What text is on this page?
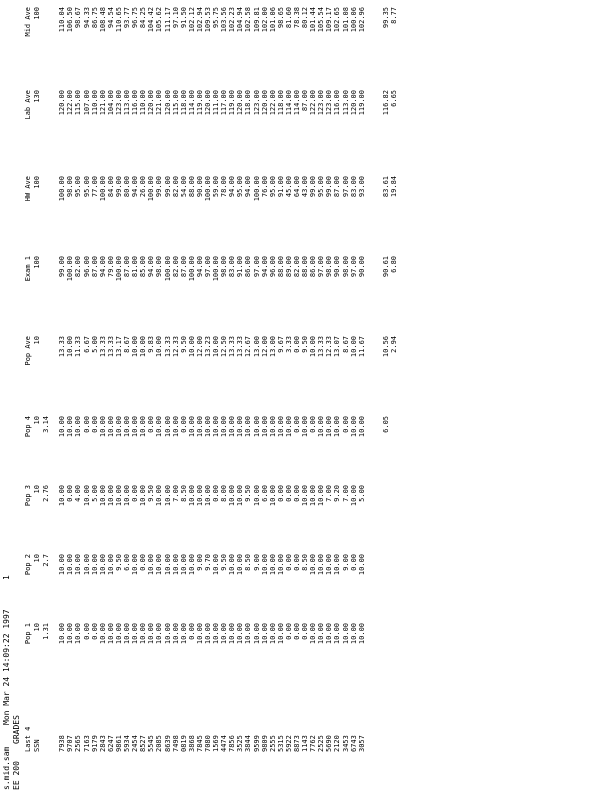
s.mid.sam
Mon Mar 24 14:09:22 1997
1
EE 200
GRADES Last 4	Pop 1	Pop 2	Pop 3	Pop 4	Pop Ave	Exam 1	HW Ave	Lab Ave	Mid Ave
SSN	10	10	10	10	10	100	100	130	100
	1.31	2.7	2.76	3.14					

7938	10.00	10.00	10.00	10.00	13.33	99.00	100.00	120.00	110.04
9707	10.00	10.00	0.00	10.00	10.00	100.00	98.00	122.00	106.50
2565	10.00	10.00	4.00	10.00	11.33	82.00	95.00	115.00	98.67
7163	0.00	10.00	10.00	0.00	6.67	96.00	95.00	107.00	94.33
9179	0.00	10.00	5.00	0.00	5.00	87.00	77.00	110.00	86.75
2843	10.00	10.00	10.00	10.00	13.33	94.00	100.00	121.00	108.48
6247	10.00	10.00	10.00	10.00	13.33	79.00	84.00	104.00	94.54
9861	10.00	9.50	10.00	10.00	13.17	100.00	99.00	123.00	110.65
5934	10.00	6.00	10.00	10.00	8.67	87.00	80.00	113.00	93.77
2454	10.00	10.00	0.00	10.00	10.00	81.00	94.00	116.00	96.75
8527	10.00	0.00	10.00	10.00	10.00	85.00	26.00	110.00	84.25
5545	10.00	10.00	9.50	0.00	9.83	94.00	100.00	120.00	104.42
2085	10.00	10.00	10.00	10.00	10.00	98.00	99.00	121.00	105.62
8639	10.00	10.00	10.00	10.00	13.33	100.00	99.00	120.00	111.17
7498	10.00	10.00	7.00	10.00	12.33	82.00	82.00	115.00	97.10
0819	10.00	10.00	8.50	0.00	9.50	87.00	54.00	118.00	91.50
3868	0.00	10.00	10.00	10.00	10.00	100.00	88.00	114.00	102.12
7845	10.00	9.00	10.00	10.00	12.00	94.00	90.00	119.00	102.94
7080	10.00	9.70	10.00	10.00	13.23	97.00	100.00	120.00	109.53
1569	10.00	10.00	0.00	10.00	10.00	100.00	59.00	111.00	95.75
4474	10.00	9.50	8.00	10.00	12.50	98.00	78.00	117.00	103.56
7856	10.00	10.00	10.00	10.00	13.33	83.00	94.00	119.00	102.23
3525	10.00	10.00	10.00	10.00	13.33	91.00	95.00	120.00	104.94
3844	10.00	8.50	9.50	10.00	12.67	86.00	94.00	118.00	102.58
9599	10.00	9.00	10.00	10.00	13.00	97.00	100.00	123.00	109.81
9809	10.00	10.00	6.00	10.00	12.00	94.00	76.00	120.00	102.00
2555	10.00	10.00	10.00	10.00	13.00	96.00	95.00	122.00	101.06
5315	10.00	10.00	0.00	10.00	9.67	88.00	91.00	118.00	98.65
5922	0.00	0.00	0.00	10.00	3.33	89.00	45.00	114.00	81.60
8873	0.00	0.00	0.00	0.00	0.00	82.00	64.00	114.00	78.38
1143	0.00	8.50	10.00	10.00	9.50	88.00	43.00	87.00	80.12
7762	10.00	10.00	10.00	0.00	10.00	86.00	99.00	122.00	101.44
2525	10.00	10.00	10.00	10.00	13.33	97.00	95.00	123.00	105.54
5690	10.00	10.00	7.00	10.00	12.33	98.00	99.00	123.00	109.17
2120	10.00	10.00	9.20	10.00	13.07	90.00	87.00	116.00	102.65
3453	10.00	9.00	7.00	0.00	8.67	98.00	97.00	113.00	101.08
6743	10.00	0.00	10.00	10.00	10.00	97.00	83.00	120.00	100.06
3057	10.00	10.00	5.00	10.00	11.67	90.00	93.00	119.00	102.96

				6.05	10.56	90.61	83.61	116.82	99.35
					2.94	6.80	19.84	6.65	8.77
